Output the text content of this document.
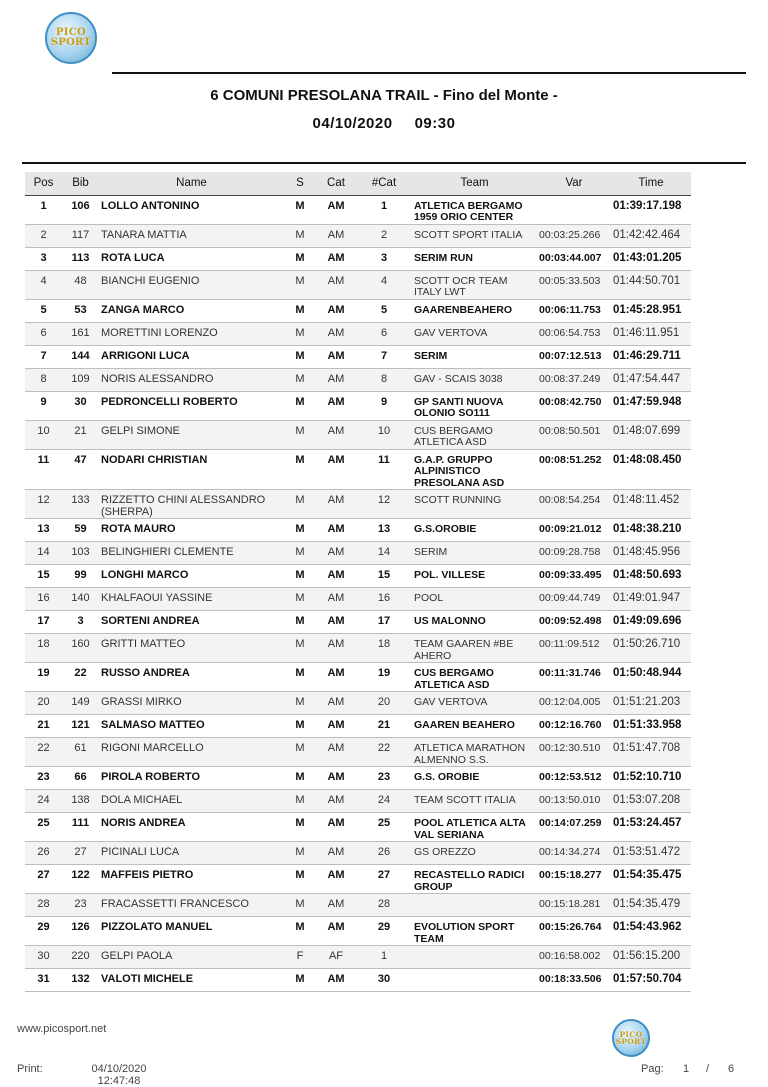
PICO
SPORT
6 COMUNI PRESOLANA TRAIL - Fino del Monte -
04/10/2020 09:30
Pos	Bib	Name	S	Cat	#Cat	Team	Var	Time
1	106	LOLLO ANTONINO	M	AM	1	ATLETICA BERGAMO 1959 ORIO CENTER		01:39:17.198
2	117	TANARA MATTIA	M	AM	2	SCOTT SPORT ITALIA	00:03:25.266	01:42:42.464
3	113	ROTA LUCA	M	AM	3	SERIM RUN	00:03:44.007	01:43:01.205
4	48	BIANCHI EUGENIO	M	AM	4	SCOTT OCR TEAM ITALY LWT	00:05:33.503	01:44:50.701
5	53	ZANGA MARCO	M	AM	5	GAARENBEAHERO	00:06:11.753	01:45:28.951
6	161	MORETTINI LORENZO	M	AM	6	GAV VERTOVA	00:06:54.753	01:46:11.951
7	144	ARRIGONI LUCA	M	AM	7	SERIM	00:07:12.513	01:46:29.711
8	109	NORIS ALESSANDRO	M	AM	8	GAV - SCAIS 3038	00:08:37.249	01:47:54.447
9	30	PEDRONCELLI ROBERTO	M	AM	9	GP SANTI NUOVA OLONIO SO111	00:08:42.750	01:47:59.948
10	21	GELPI SIMONE	M	AM	10	CUS BERGAMO ATLETICA ASD	00:08:50.501	01:48:07.699
11	47	NODARI CHRISTIAN	M	AM	11	G.A.P. GRUPPO ALPINISTICO PRESOLANA ASD	00:08:51.252	01:48:08.450
12	133	RIZZETTO CHINI ALESSANDRO (SHERPA)	M	AM	12	SCOTT RUNNING	00:08:54.254	01:48:11.452
13	59	ROTA MAURO	M	AM	13	G.S.OROBIE	00:09:21.012	01:48:38.210
14	103	BELINGHIERI CLEMENTE	M	AM	14	SERIM	00:09:28.758	01:48:45.956
15	99	LONGHI MARCO	M	AM	15	POL. VILLESE	00:09:33.495	01:48:50.693
16	140	KHALFAOUI YASSINE	M	AM	16	POOL	00:09:44.749	01:49:01.947
17	3	SORTENI ANDREA	M	AM	17	US MALONNO	00:09:52.498	01:49:09.696
18	160	GRITTI MATTEO	M	AM	18	TEAM GAAREN #BE AHERO	00:11:09.512	01:50:26.710
19	22	RUSSO ANDREA	M	AM	19	CUS BERGAMO ATLETICA ASD	00:11:31.746	01:50:48.944
20	149	GRASSI MIRKO	M	AM	20	GAV VERTOVA	00:12:04.005	01:51:21.203
21	121	SALMASO MATTEO	M	AM	21	GAAREN BEAHERO	00:12:16.760	01:51:33.958
22	61	RIGONI MARCELLO	M	AM	22	ATLETICA MARATHON ALMENNO S.S.	00:12:30.510	01:51:47.708
23	66	PIROLA ROBERTO	M	AM	23	G.S. OROBIE	00:12:53.512	01:52:10.710
24	138	DOLA MICHAEL	M	AM	24	TEAM SCOTT ITALIA	00:13:50.010	01:53:07.208
25	111	NORIS ANDREA	M	AM	25	POOL ATLETICA ALTA VAL SERIANA	00:14:07.259	01:53:24.457
26	27	PICINALI LUCA	M	AM	26	GS OREZZO	00:14:34.274	01:53:51.472
27	122	MAFFEIS PIETRO	M	AM	27	RECASTELLO RADICI GROUP	00:15:18.277	01:54:35.475
28	23	FRACASSETTI FRANCESCO	M	AM	28		00:15:18.281	01:54:35.479
29	126	PIZZOLATO MANUEL	M	AM	29	EVOLUTION SPORT TEAM	00:15:26.764	01:54:43.962
30	220	GELPI PAOLA	F	AF	1		00:16:58.002	01:56:15.200
31	132	VALOTI MICHELE	M	AM	30		00:18:33.506	01:57:50.704
www.picosport.net	PICO
SPORT
Print:	04/10/2020
12:47:48
Pag: 1 / 6
